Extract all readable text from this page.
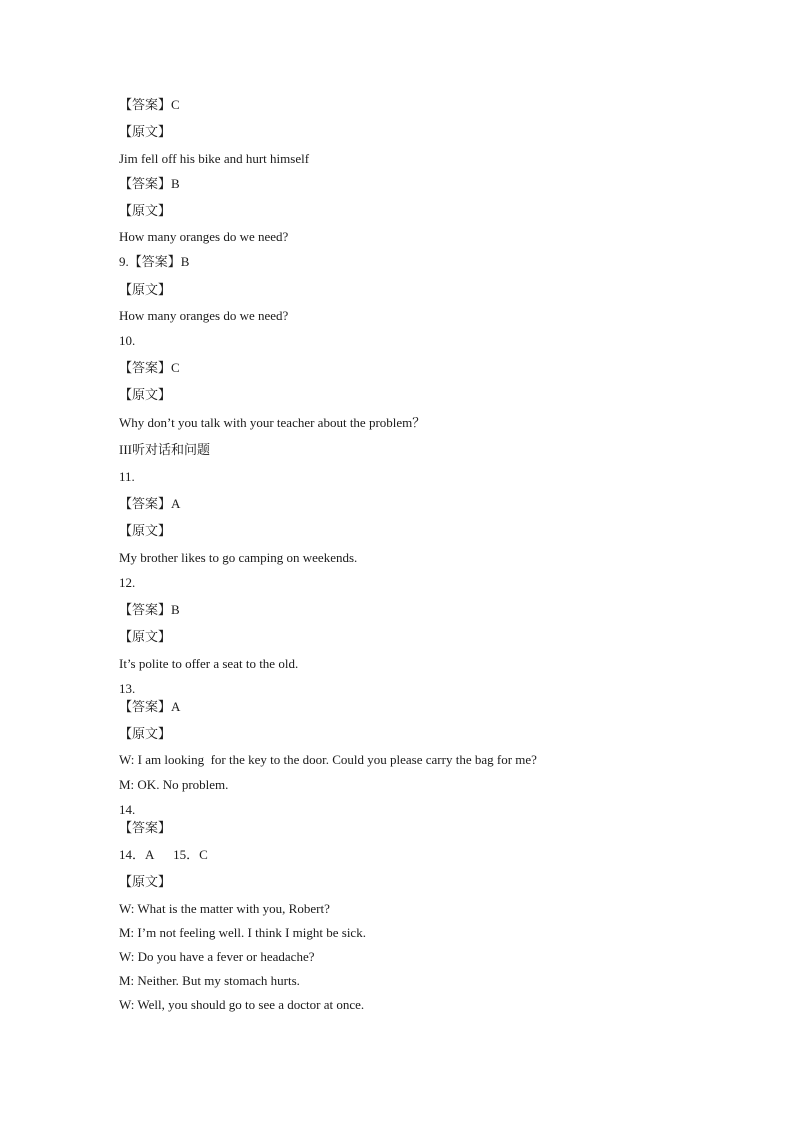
【答案】C
【原文】
Jim fell off his bike and hurt himself
【答案】B
【原文】
How many oranges do we need?
9.【答案】B
【原文】
How many oranges do we need?
10.
【答案】C
【原文】
Why don’t you talk with your teacher about the problem？
III听对话和问题
11.
【答案】A
【原文】
My brother likes to go camping on weekends.
12.
【答案】B
【原文】
It’s polite to offer a seat to the old.
13.
【答案】A
【原文】
W: I am looking  for the key to the door. Could you please carry the bag for me?
M: OK. No problem.
14.
【答案】
14．A      15．C
【原文】
W: What is the matter with you, Robert?
M: I’m not feeling well. I think I might be sick.
W: Do you have a fever or headache?
M: Neither. But my stomach hurts.
W: Well, you should go to see a doctor at once.
